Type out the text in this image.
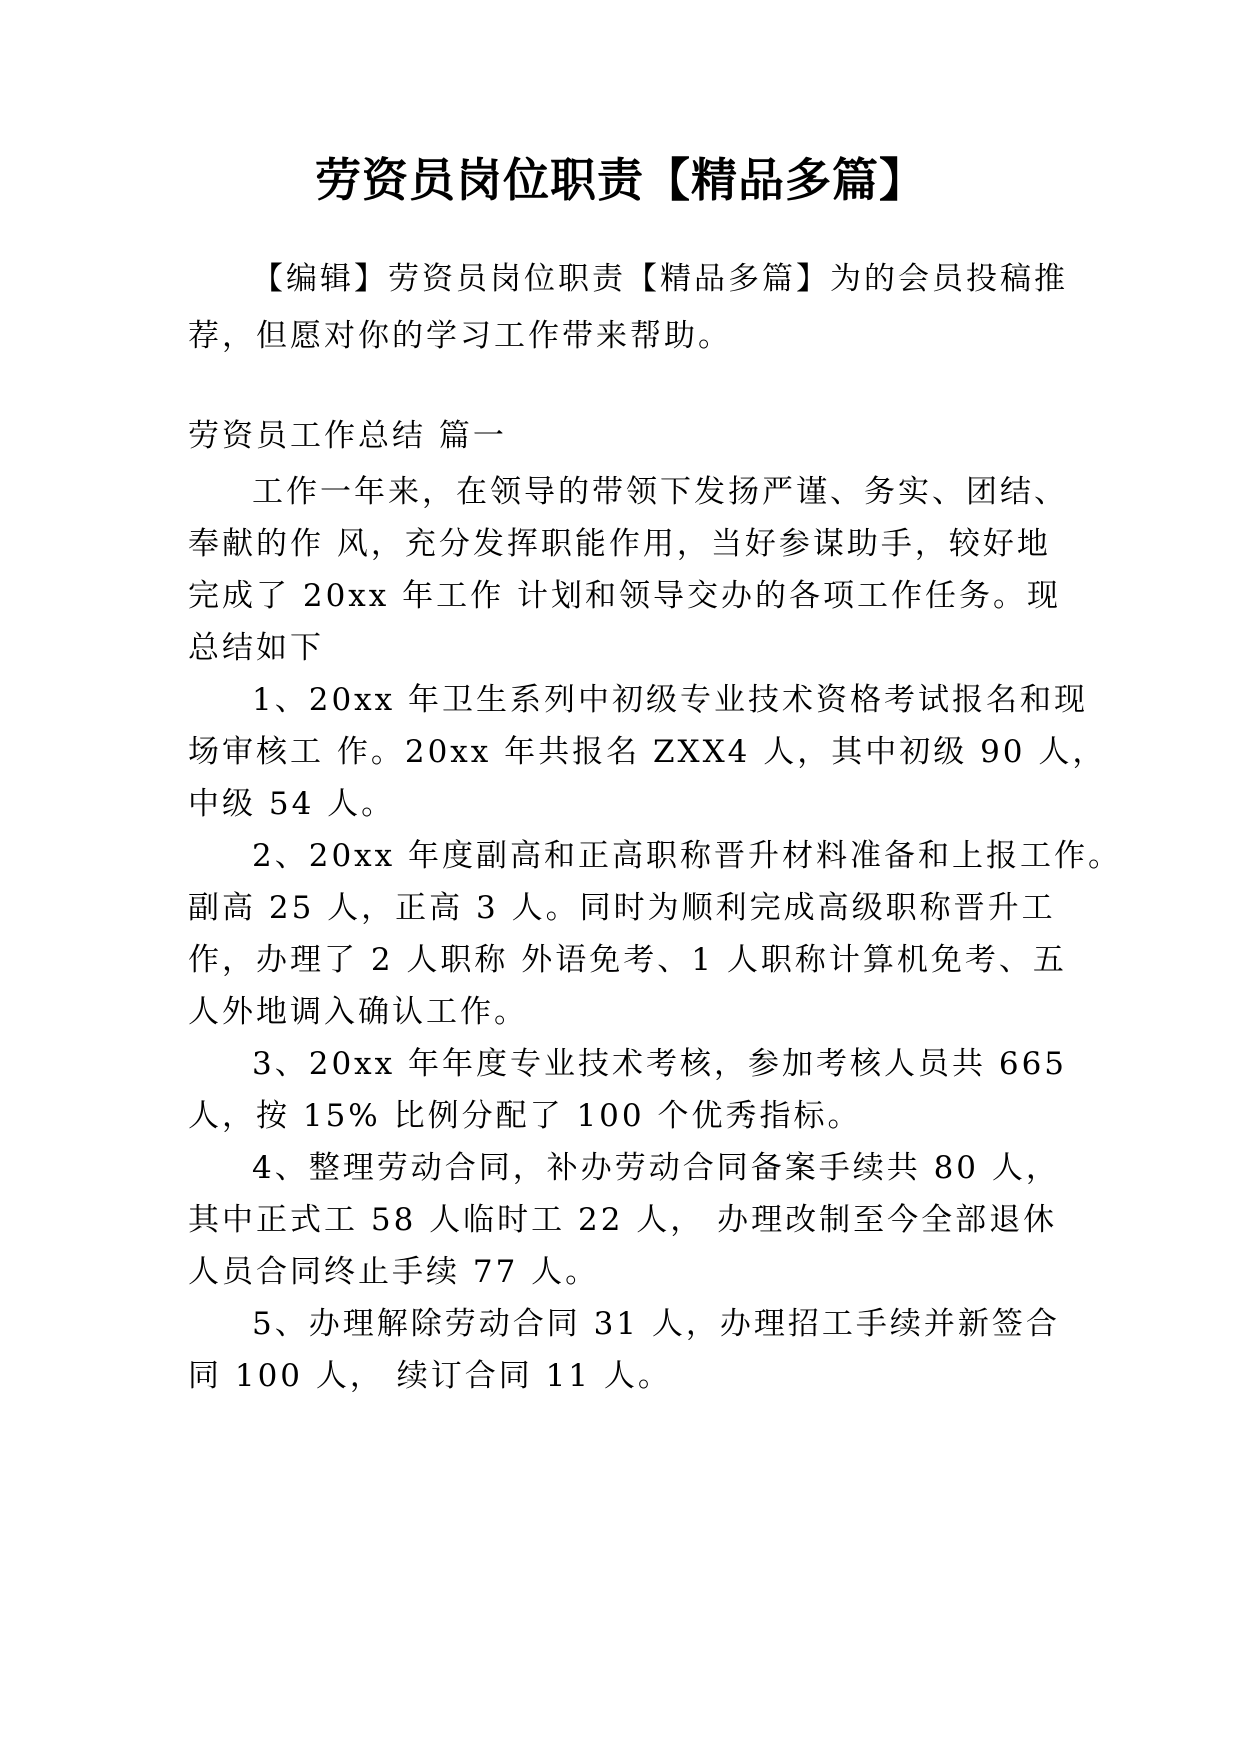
劳资员岗位职责【精品多篇】
【编辑】劳资员岗位职责【精品多篇】为的会员投稿推
荐，但愿对你的学习工作带来帮助。
劳资员工作总结 篇一
工作一年来，在领导的带领下发扬严谨、务实、团结、
奉献的作 风，充分发挥职能作用，当好参谋助手，较好地
完成了 20xx 年工作 计划和领导交办的各项工作任务。现
总结如下
1、20xx 年卫生系列中初级专业技术资格考试报名和现
场审核工 作。20xx 年共报名 ZXX4 人，其中初级 90 人，
中级 54 人。
2、20xx 年度副高和正高职称晋升材料准备和上报工作。
副高 25 人，正高 3 人。同时为顺利完成高级职称晋升工
作，办理了 2 人职称 外语免考、1 人职称计算机免考、五
人外地调入确认工作。
3、20xx 年年度专业技术考核，参加考核人员共 665
人，按 15% 比例分配了 100 个优秀指标。
4、整理劳动合同，补办劳动合同备案手续共 80 人，
其中正式工 58 人临时工 22 人， 办理改制至今全部退休
人员合同终止手续 77 人。
5、办理解除劳动合同 31 人，办理招工手续并新签合
同 100 人， 续订合同 11 人。
